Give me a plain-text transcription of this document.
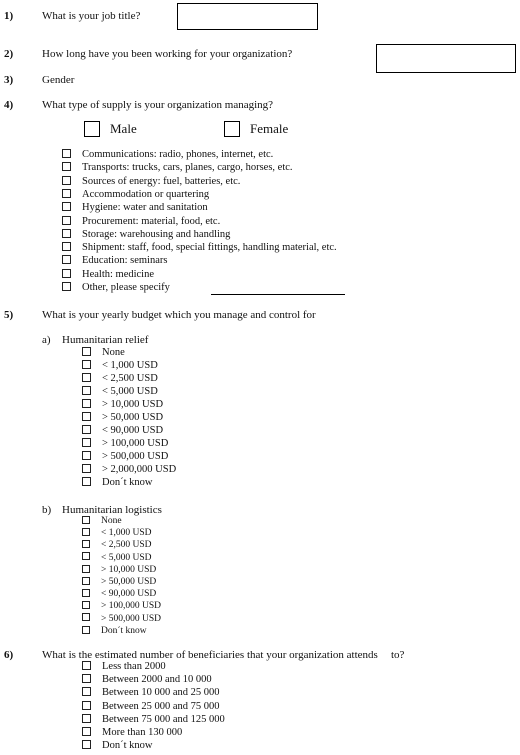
1)	What is your job title?
2)	How long have you been working for your organization?
3)	Gender
4)	What type of supply is your organization managing?
Male	Female
Communications: radio, phones, internet, etc.
Transports: trucks, cars, planes, cargo, horses, etc.
Sources of energy: fuel, batteries, etc.
Accommodation or quartering
Hygiene: water and sanitation
Procurement: material, food, etc.
Storage: warehousing and handling
Shipment: staff, food, special fittings, handling material, etc.
Education: seminars
Health: medicine
Other, please specify
5)	What is your yearly budget which you manage and control for
a) Humanitarian relief
None
< 1,000 USD
< 2,500 USD
< 5,000 USD
> 10,000 USD
> 50,000 USD
< 90,000 USD
> 100,000 USD
> 500,000 USD
> 2,000,000 USD
Don´t know
b) Humanitarian logistics
None
< 1,000 USD
< 2,500 USD
< 5,000 USD
> 10,000 USD
> 50,000 USD
< 90,000 USD
> 100,000 USD
> 500,000 USD
Don´t know
6)	What is the estimated number of beneficiaries that your organization attends to?
Less than 2000
Between 2000 and 10 000
Between 10 000 and 25 000
Between 25 000 and 75 000
Between 75 000 and 125 000
More than 130 000
Don´t know
